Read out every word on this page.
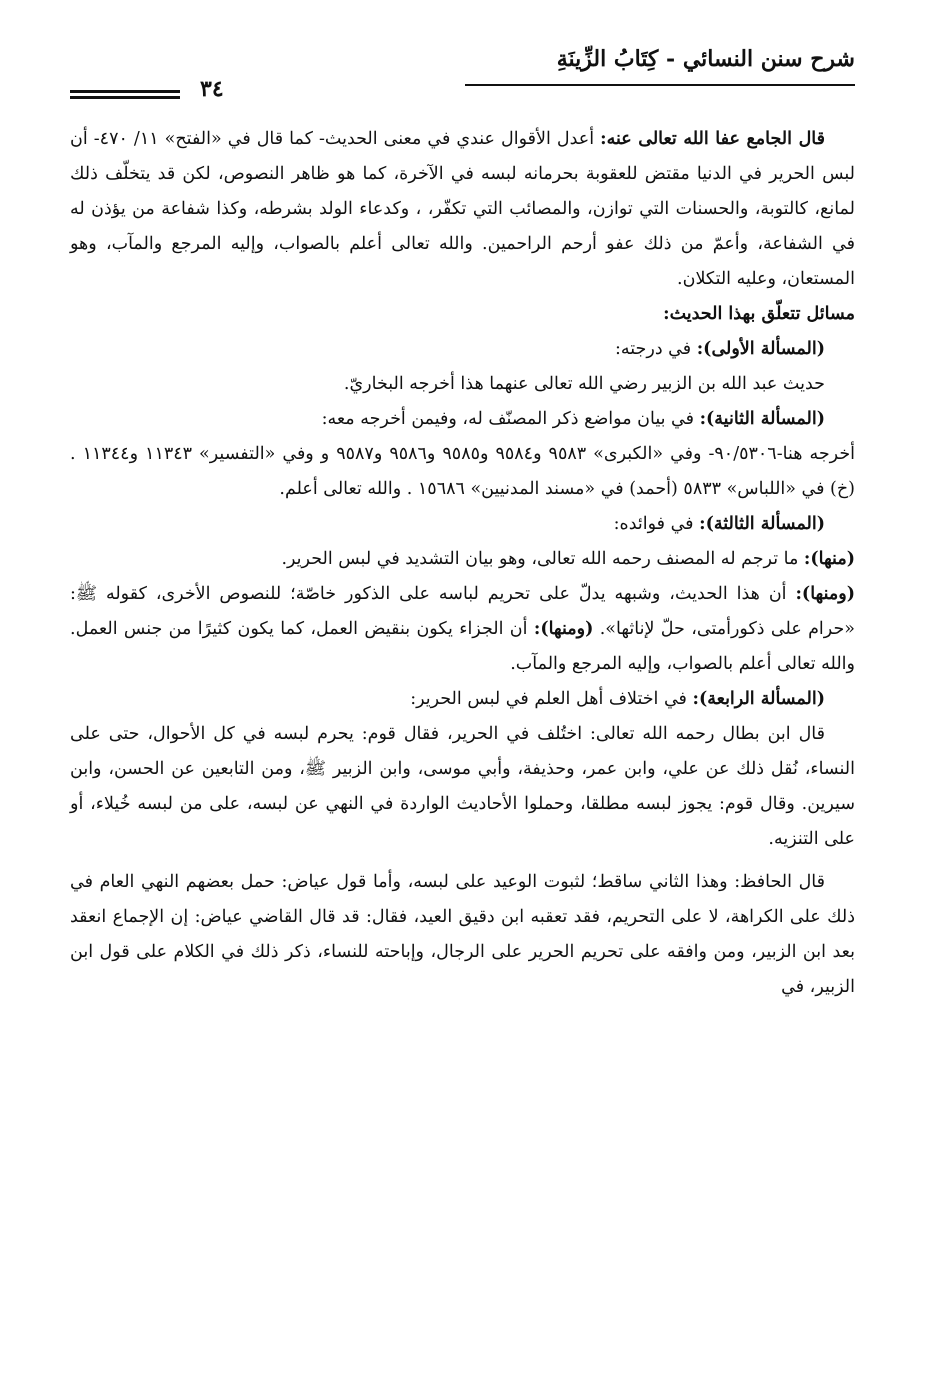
شرح سنن النسائي - كِتَابُ الزِّينَةِ
٣٤

قال الجامع عفا الله تعالى عنه: أعدل الأقوال عندي في معنى الحديث- كما قال في «الفتح» ١١/ ٤٧٠- أن لبس الحرير في الدنيا مقتض للعقوبة بحرمانه لبسه في الآخرة، كما هو ظاهر النصوص، لكن قد يتخلّف ذلك لمانع، كالتوبة، والحسنات التي توازن، والمصائب التي تكفّر، ، وكدعاء الولد بشرطه، وكذا شفاعة من يؤذن له في الشفاعة، وأعمّ من ذلك عفو أرحم الراحمين. والله تعالى أعلم بالصواب، وإليه المرجع والمآب، وهو المستعان، وعليه التكلان.

مسائل تتعلّق بهذا الحديث:

(المسألة الأولى): في درجته:

حديث عبد الله بن الزبير رضي الله تعالى عنهما هذا أخرجه البخاريّ.

(المسألة الثانية): في بيان مواضع ذكر المصنّف له، وفيمن أخرجه معه:

أخرجه هنا-٩٠/٥٣٠٦- وفي «الكبرى» ٩٥٨٣ و٩٥٨٤ و٩٥٨٥ و٩٥٨٦ و٩٥٨٧ و وفي «التفسير» ١١٣٤٣ و١١٣٤٤ . (خ) في «اللباس» ٥٨٣٣ (أحمد) في «مسند المدنيين» ١٥٦٨٦ . والله تعالى أعلم.

(المسألة الثالثة): في فوائده:

(منها): ما ترجم له المصنف رحمه الله تعالى، وهو بيان التشديد في لبس الحرير.

(ومنها): أن هذا الحديث، وشبهه يدلّ على تحريم لباسه على الذكور خاصّة؛ للنصوص الأخرى، كقوله ﷺ: «حرام على ذكورأمتى، حلّ لإناثها». (ومنها): أن الجزاء يكون بنقيض العمل، كما يكون كثيرًا من جنس العمل. والله تعالى أعلم بالصواب، وإليه المرجع والمآب.

(المسألة الرابعة): في اختلاف أهل العلم في لبس الحرير:

قال ابن بطال رحمه الله تعالى: اختُلف في الحرير، فقال قوم: يحرم لبسه في كل الأحوال، حتى على النساء، نُقل ذلك عن علي، وابن عمر، وحذيفة، وأبي موسى، وابن الزبير ﷺ، ومن التابعين عن الحسن، وابن سيرين. وقال قوم: يجوز لبسه مطلقا، وحملوا الأحاديث الواردة في النهي عن لبسه، على من لبسه خُيلاء، أو على التنزيه.

قال الحافظ: وهذا الثاني ساقط؛ لثبوت الوعيد على لبسه، وأما قول عياض: حمل بعضهم النهي العام في ذلك على الكراهة، لا على التحريم، فقد تعقبه ابن دقيق العيد، فقال: قد قال القاضي عياض: إن الإجماع انعقد بعد ابن الزبير، ومن وافقه على تحريم الحرير على الرجال، وإباحته للنساء، ذكر ذلك في الكلام على قول ابن الزبير، في
